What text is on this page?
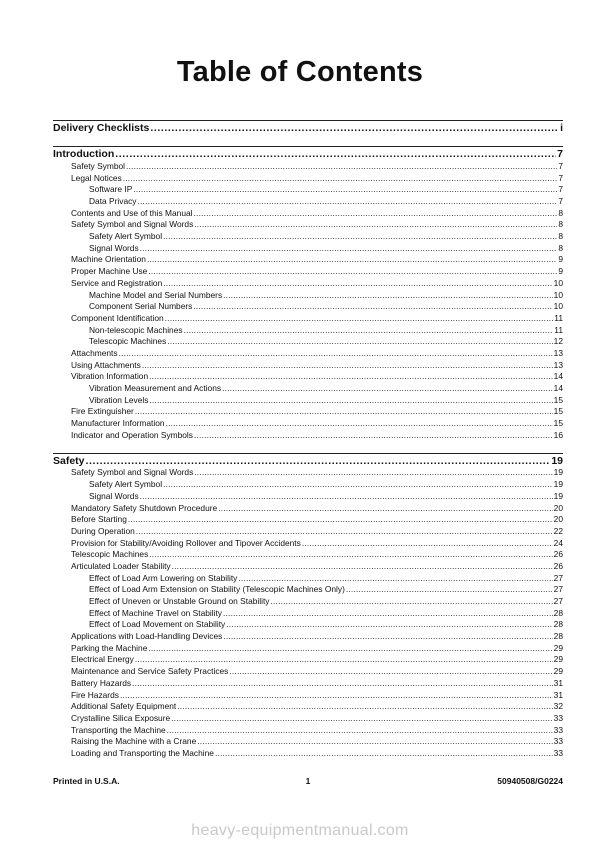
Table of Contents
Delivery Checklists .....	i
Introduction .....	7
Safety Symbol .....	7
Legal Notices .....	7
Software IP .....	7
Data Privacy .....	7
Contents and Use of this Manual .....	8
Safety Symbol and Signal Words .....	8
Safety Alert Symbol .....	8
Signal Words .....	8
Machine Orientation .....	9
Proper Machine Use .....	9
Service and Registration .....	10
Machine Model and Serial Numbers .....	10
Component Serial Numbers .....	10
Component Identification .....	11
Non-telescopic Machines .....	11
Telescopic Machines .....	12
Attachments .....	13
Using Attachments .....	13
Vibration Information .....	14
Vibration Measurement and Actions .....	14
Vibration Levels .....	15
Fire Extinguisher .....	15
Manufacturer Information .....	15
Indicator and Operation Symbols .....	16
Safety .....	19
Safety Symbol and Signal Words .....	19
Safety Alert Symbol .....	19
Signal Words .....	19
Mandatory Safety Shutdown Procedure .....	20
Before Starting .....	20
During Operation .....	22
Provision for Stability/Avoiding Rollover and Tipover Accidents .....	24
Telescopic Machines .....	26
Articulated Loader Stability .....	26
Effect of Load Arm Lowering on Stability .....	27
Effect of Load Arm Extension on Stability (Telescopic Machines Only) .....	27
Effect of Uneven or Unstable Ground on Stability .....	27
Effect of Machine Travel on Stability .....	28
Effect of Load Movement on Stability .....	28
Applications with Load-Handling Devices .....	28
Parking the Machine .....	29
Electrical Energy .....	29
Maintenance and Service Safety Practices .....	29
Battery Hazards .....	31
Fire Hazards .....	31
Additional Safety Equipment .....	32
Crystalline Silica Exposure .....	33
Transporting the Machine .....	33
Raising the Machine with a Crane .....	33
Loading and Transporting the Machine .....	33
Printed in U.S.A.	1	50940508/G0224
heavy-equipmentmanual.com
